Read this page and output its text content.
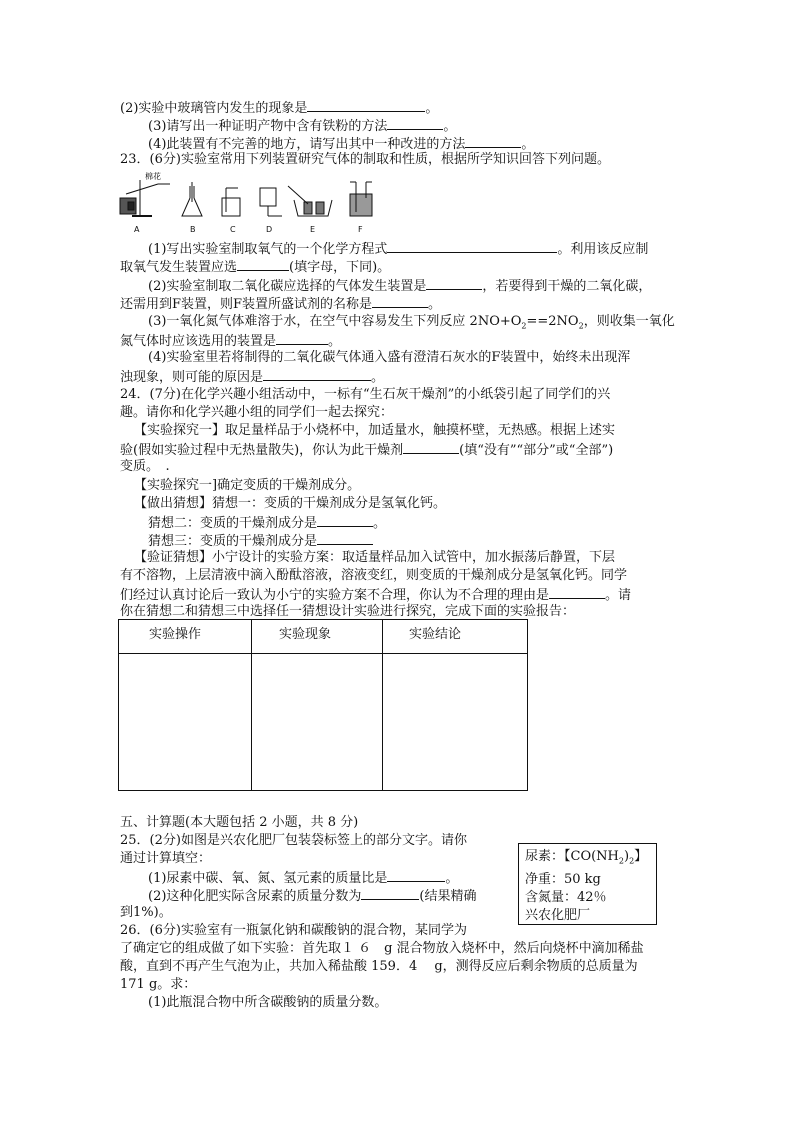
(2)实验中玻璃管内发生的现象是	。
(3)请写出一种证明产物中含有铁粉的方法	。
(4)此装置有不完善的地方，请写出其中一种改进的方法	。
23．(6分)实验室常用下列装置研究气体的制取和性质，根据所学知识回答下列问题。
棉花
A	B	C	D	E	F
(1)写出实验室制取氧气的一个化学方程式	。利用该反应制
取氧气发生装置应选	(填字母，下同)。
(2)实验室制取二氧化碳应选择的气体发生装置是	，若要得到干燥的二氧化碳，
还需用到F装置，则F装置所盛试剂的名称是	。
(3)一氧化氮气体难溶于水，在空气中容易发生下列反应 $2NO+O_2==2NO_2$，则收集一氧化
氮气体时应该选用的装置是	。
(4)实验室里若将制得的二氧化碳气体通入盛有澄清石灰水的F装置中，始终未出现浑
浊现象，则可能的原因是	。
24．(7分)在化学兴趣小组活动中，一标有“生石灰干燥剂”的小纸袋引起了同学们的兴
趣。请你和化学兴趣小组的同学们一起去探究：
【实验探究一】取足量样品于小烧杯中，加适量水，触摸杯壁，无热感。根据上述实
验(假如实验过程中无热量散失)，你认为此干燥剂	(填“没有”“部分”或“全部”)
变质。　.
【实验探究一]确定变质的干燥剂成分。
【做出猜想】猜想一：变质的干燥剂成分是氢氧化钙。
猜想二：变质的干燥剂成分是	。
猜想三：变质的干燥剂成分是
【验证猜想】小宁设计的实验方案：取适量样品加入试管中，加水振荡后静置，下层
有不溶物，上层清液中滴入酚酞溶液，溶液变红，则变质的干燥剂成分是氢氧化钙。同学
们经过认真讨论后一致认为小宁的实验方案不合理，你认为不合理的理由是	。请
你在猜想二和猜想三中选择任一猜想设计实验进行探究，完成下面的实验报告：
实验操作	实验现象	实验结论
五、计算题(本大题包括 2 小题，共 8 分)
25．(2分)如图是兴农化肥厂包装袋标签上的部分文字。请你
通过计算填空：
(1)尿素中碳、氧、氮、氢元素的质量比是	。
(2)这种化肥实际含尿素的质量分数为	(结果精确
到1%)。
尿素：【$CO(NH_2)_2$】
净重：50 kg
含氮量：42％
兴农化肥厂
26．(6分)实验室有一瓶氯化钠和碳酸钠的混合物，某同学为
了确定它的组成做了如下实验：首先取１ ６　g 混合物放入烧杯中，然后向烧杯中滴加稀盐
酸，直到不再产生气泡为止，共加入稀盐酸 159．4　 g，测得反应后剩余物质的总质量为
171 g。求：
(1)此瓶混合物中所含碳酸钠的质量分数。
